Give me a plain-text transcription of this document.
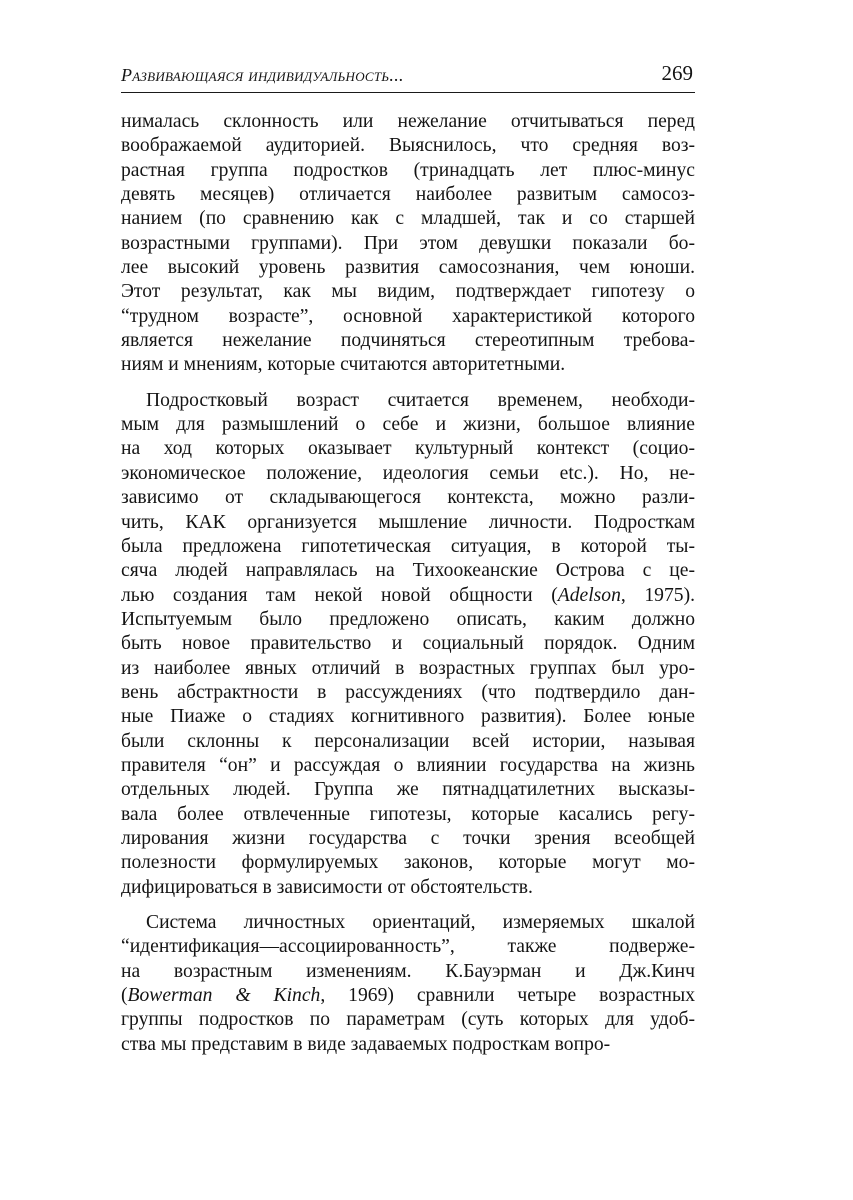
Развивающаяся индивидуальность...	269
нималась склонность или нежелание отчитываться перед
воображаемой аудиторией. Выяснилось, что средняя воз-
растная группа подростков (тринадцать лет плюс-минус
девять месяцев) отличается наиболее развитым самосоз-
нанием (по сравнению как с младшей, так и со старшей
возрастными группами). При этом девушки показали бо-
лее высокий уровень развития самосознания, чем юноши.
Этот результат, как мы видим, подтверждает гипотезу о
“трудном возрасте”, основной характеристикой которого
является нежелание подчиняться стереотипным требова-
ниям и мнениям, которые считаются авторитетными.
Подростковый возраст считается временем, необходи-
мым для размышлений о себе и жизни, большое влияние
на ход которых оказывает культурный контекст (социо-
экономическое положение, идеология семьи etc.). Но, не-
зависимо от складывающегося контекста, можно разли-
чить, КАК организуется мышление личности. Подросткам
была предложена гипотетическая ситуация, в которой ты-
сяча людей направлялась на Тихоокеанские Острова с це-
лью создания там некой новой общности (Adelson, 1975).
Испытуемым было предложено описать, каким должно
быть новое правительство и социальный порядок. Одним
из наиболее явных отличий в возрастных группах был уро-
вень абстрактности в рассуждениях (что подтвердило дан-
ные Пиаже о стадиях когнитивного развития). Более юные
были склонны к персонализации всей истории, называя
правителя “он” и рассуждая о влиянии государства на жизнь
отдельных людей. Группа же пятнадцатилетних высказы-
вала более отвлеченные гипотезы, которые касались регу-
лирования жизни государства с точки зрения всеобщей
полезности формулируемых законов, которые могут мо-
дифицироваться в зависимости от обстоятельств.
Система личностных ориентаций, измеряемых шкалой
“идентификация—ассоциированность”, также подверже-
на возрастным изменениям. К.Бауэрман и Дж.Кинч
(Bowerman & Kinch, 1969) сравнили четыре возрастных
группы подростков по параметрам (суть которых для удоб-
ства мы представим в виде задаваемых подросткам вопро-
